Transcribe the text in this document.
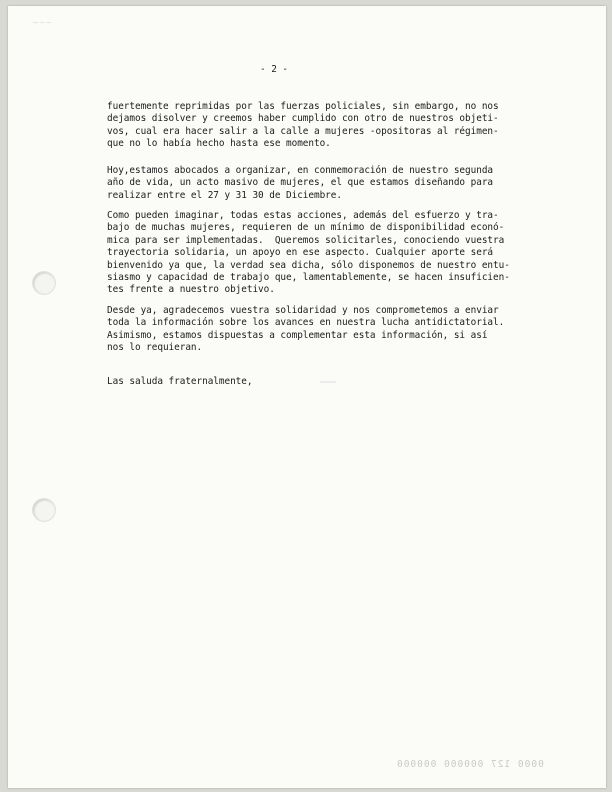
~~~
- 2 -
fuertemente reprimidas por las fuerzas policiales, sin embargo, no nos
dejamos disolver y creemos haber cumplido con otro de nuestros objeti-
vos, cual era hacer salir a la calle a mujeres -opositoras al régimen-
que no lo había hecho hasta ese momento.
Hoy,estamos abocados a organizar, en conmemoración de nuestro segunda
año de vida, un acto masivo de mujeres, el que estamos diseñando para
realizar entre el 27 y 31 30 de Diciembre.
Como pueden imaginar, todas estas acciones, además del esfuerzo y tra-
bajo de muchas mujeres, requieren de un mínimo de disponibilidad econó-
mica para ser implementadas.  Queremos solicitarles, conociendo vuestra
trayectoria solidaria, un apoyo en ese aspecto. Cualquier aporte será
bienvenido ya que, la verdad sea dicha, sólo disponemos de nuestro entu-
siasmo y capacidad de trabajo que, lamentablemente, se hacen insuficien-
tes frente a nuestro objetivo.
Desde ya, agradecemos vuestra solidaridad y nos comprometemos a enviar
toda la información sobre los avances en nuestra lucha antidictatorial.
Asimismo, estamos dispuestas a complementar esta información, si así
nos lo requieran.
Las saluda fraternalmente,
0000 127 000000 000000
